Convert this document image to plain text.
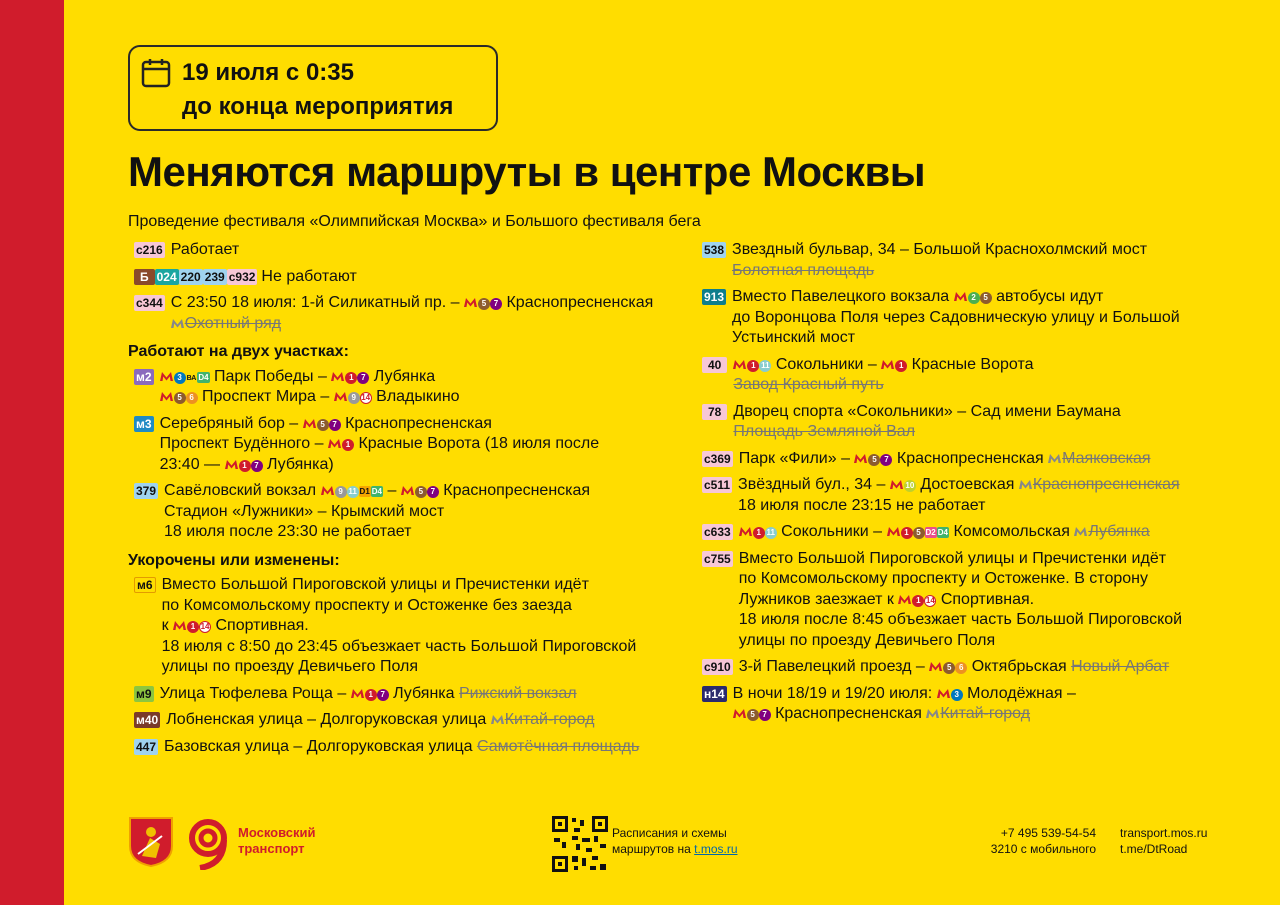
19 июля с 0:35
до конца мероприятия
Меняются маршруты в центре Москвы
Проведение фестиваля «Олимпийская Москва» и Большого фестиваля бега
c216 Работает
Б 024 220 239 с932 Не работают
с344 С 23:50 18 июля: 1-й Силикатный пр. –	5 7 Краснопресненская
Охотный ряд
Работают на двух участках:
м2	3 ВА D4 Парк Победы –	1 7 Лубянка
5 6 Проспект Мира –	9 14 Владыкино
м3 Серебряный бор –	5 7 Краснопресненская
Проспект Будённого –	1 Красные Ворота (18 июля после
23:40 —	1 7 Лубянка)
379 Савёловский вокзал	9 11 D1 D4 –	5 7 Краснопресненская
Стадион «Лужники» – Крымский мост
18 июля после 23:30 не работает
Укорочены или изменены:
м6 Вместо Большой Пироговской улицы и Пречистенки идёт
по Комсомольскому проспекту и Остоженке без заезда
к	1 14 Спортивная.
18 июля с 8:50 до 23:45 объезжает часть Большой Пироговской
улицы по проезду Девичьего Поля
м9 Улица Тюфелева Роща –	1 7 Лубянка Рижский вокзал
м40 Лобненская улица – Долгоруковская улица Китай-город
447 Базовская улица – Долгоруковская улица Самотёчная площадь
538 Звездный бульвар, 34 – Большой Краснохолмский мост
Болотная площадь
913 Вместо Павелецкого вокзала	2 5 автобусы идут
до Воронцова Поля через Садовническую улицу и Большой
Устьинский мост
40	1 11 Сокольники –	1 Красные Ворота
Завод Красный путь
78 Дворец спорта «Сокольники» – Сад имени Баумана
Площадь Земляной Вал
с369 Парк «Фили» –	5 7 Краснопресненская Маяковская
с511 Звёздный бул., 34 –	10 Достоевская Краснопресненская
18 июля после 23:15 не работает
с633	1 11 Сокольники –	1 5 D2 D4 Комсомольская Лубянка
с755 Вместо Большой Пироговской улицы и Пречистенки идёт
по Комсомольскому проспекту и Остоженке. В сторону
Лужников заезжает к	1 14 Спортивная.
18 июля после 8:45 объезжает часть Большой Пироговской
улицы по проезду Девичьего Поля
с910 3-й Павелецкий проезд –	5 6 Октябрьская Новый Арбат
н14 В ночи 18/19 и 19/20 июля:	3 Молодёжная –
5 7 Краснопресненская Китай-город
Московский
транспорт
Расписания и схемы
маршрутов на t.mos.ru
+7 495 539-54-54
3210 с мобильного
transport.mos.ru
t.me/DtRoad
